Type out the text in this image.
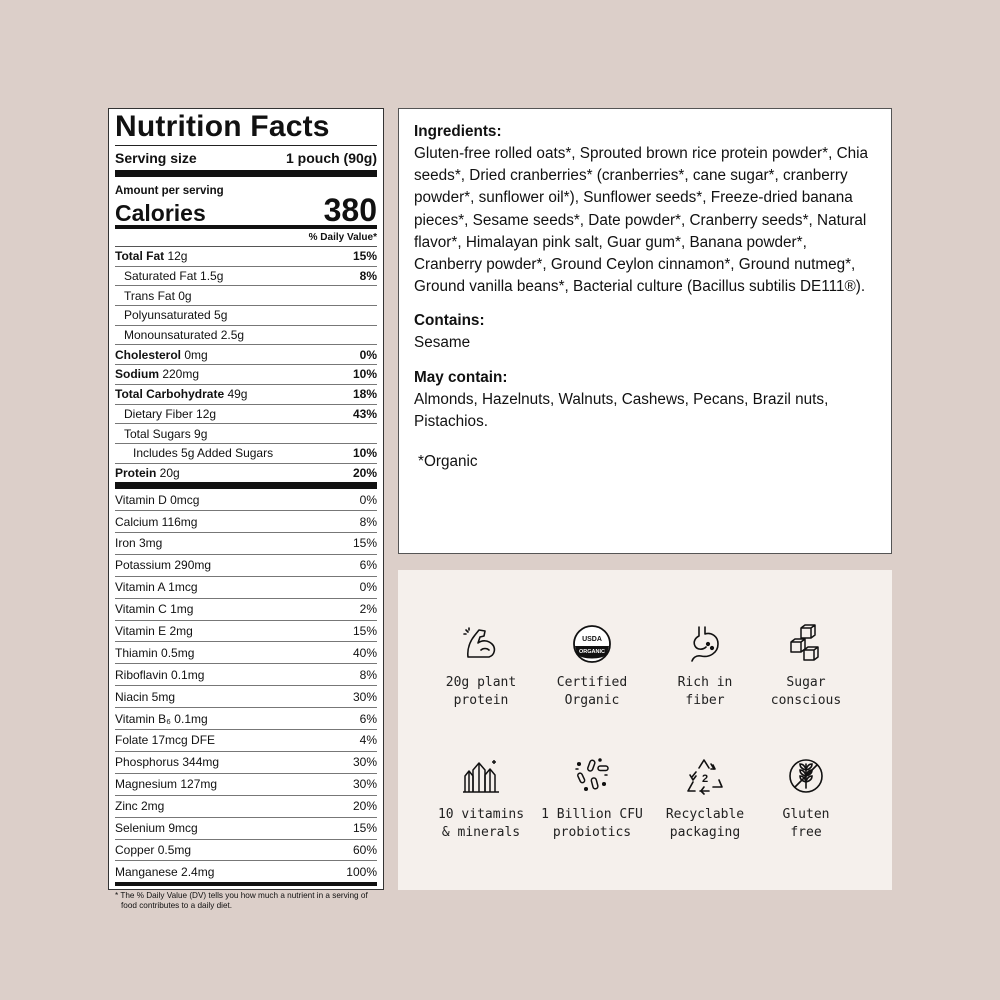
Nutrition Facts
Serving size	1 pouch (90g)
Amount per serving
Calories	380
% Daily Value*
Total Fat 12g	15%
Saturated Fat 1.5g	8%
Trans Fat 0g
Polyunsaturated 5g
Monounsaturated 2.5g
Cholesterol 0mg	0%
Sodium 220mg	10%
Total Carbohydrate 49g	18%
Dietary Fiber 12g	43%
Total Sugars 9g
Includes 5g Added Sugars	10%
Protein 20g	20%
Vitamin D 0mcg	0%
Calcium 116mg	8%
Iron 3mg	15%
Potassium 290mg	6%
Vitamin A 1mcg	0%
Vitamin C 1mg	2%
Vitamin E 2mg	15%
Thiamin 0.5mg	40%
Riboflavin 0.1mg	8%
Niacin 5mg	30%
Vitamin B₆ 0.1mg	6%
Folate 17mcg DFE	4%
Phosphorus 344mg	30%
Magnesium 127mg	30%
Zinc 2mg	20%
Selenium 9mcg	15%
Copper 0.5mg	60%
Manganese 2.4mg	100%
* The % Daily Value (DV) tells you how much a nutrient in a serving of food contributes to a daily diet.
Ingredients:

Gluten-free rolled oats*, Sprouted brown rice protein powder*, Chia seeds*, Dried cranberries* (cranberries*, cane sugar*, cranberry powder*, sunflower oil*), Sunflower seeds*, Freeze-dried banana pieces*, Sesame seeds*, Date powder*, Cranberry seeds*, Natural flavor*, Himalayan pink salt, Guar gum*, Banana powder*, Cranberry powder*, Ground Ceylon cinnamon*, Ground nutmeg*, Ground vanilla beans*, Bacterial culture (Bacillus subtilis DE111®).

Contains:

Sesame

May contain:

Almonds, Hazelnuts, Walnuts, Cashews, Pecans, Brazil nuts, Pistachios.

*Organic

20g plant
protein
USDA
ORGANIC
Certified
Organic
Rich in
fiber
Sugar
conscious
10 vitamins
& minerals
1 Billion CFU
probiotics
2
Recyclable
packaging
Gluten
free
